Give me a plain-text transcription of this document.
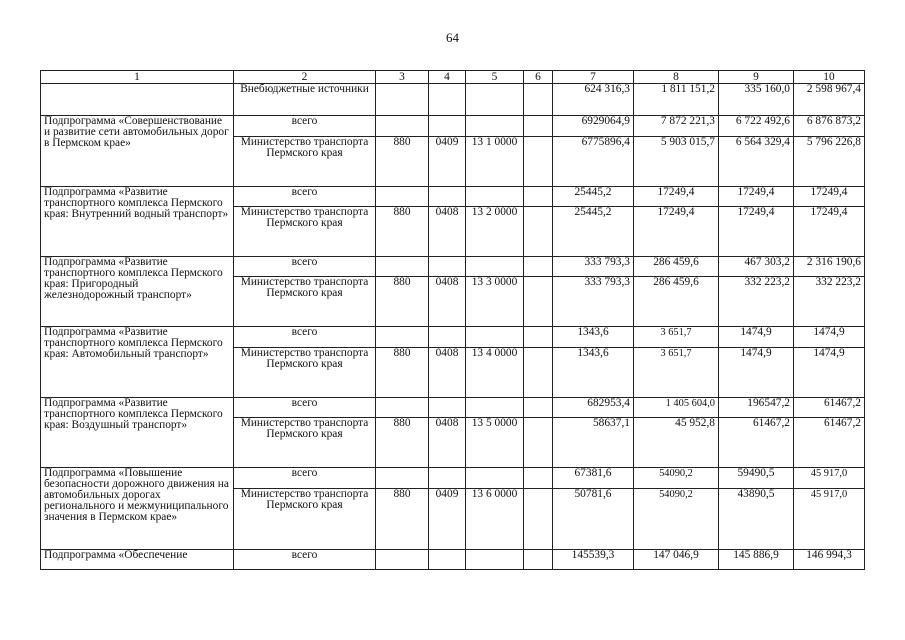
64
1	2	3	4	5	6	7	8	9	10
	Внебюджетные источники					624 316,3	1 811 151,2	335 160,0	2 598 967,4
Подпрограмма «Совершенствование и развитие сети автомобильных дорог в Пермском крае»	всего					6929064,9	7 872 221,3	6 722 492,6	6 876 873,2
	Министерство транспорта Пермского края	880	0409	13 1 0000		6775896,4	5 903 015,7	6 564 329,4	5 796 226,8
Подпрограмма «Развитие транспортного комплекса Пермского края: Внутренний водный транспорт»	всего					25445,2	17249,4	17249,4	17249,4
	Министерство транспорта Пермского края	880	0408	13 2 0000		25445,2	17249,4	17249,4	17249,4
Подпрограмма «Развитие транспортного комплекса Пермского края: Пригородный железнодорожный транспорт»	всего					333 793,3	286 459,6	467 303,2	2 316 190,6
	Министерство транспорта Пермского края	880	0408	13 3 0000		333 793,3	286 459,6	332 223,2	332 223,2
Подпрограмма «Развитие транспортного комплекса Пермского края: Автомобильный транспорт»	всего					1343,6	3 651,7	1474,9	1474,9
	Министерство транспорта Пермского края	880	0408	13 4 0000		1343,6	3 651,7	1474,9	1474,9
Подпрограмма «Развитие транспортного комплекса Пермского края: Воздушный транспорт»	всего					682953,4	1 405 604,0	196547,2	61467,2
	Министерство транспорта Пермского края	880	0408	13 5 0000		58637,1	45 952,8	61467,2	61467,2
Подпрограмма «Повышение безопасности дорожного движения на автомобильных дорогах регионального и межмуниципального значения в Пермском крае»	всего					67381,6	54090,2	59490,5	45 917,0
	Министерство транспорта Пермского края	880	0409	13 6 0000		50781,6	54090,2	43890,5	45 917,0
Подпрограмма «Обеспечение	всего					145539,3	147 046,9	145 886,9	146 994,3
